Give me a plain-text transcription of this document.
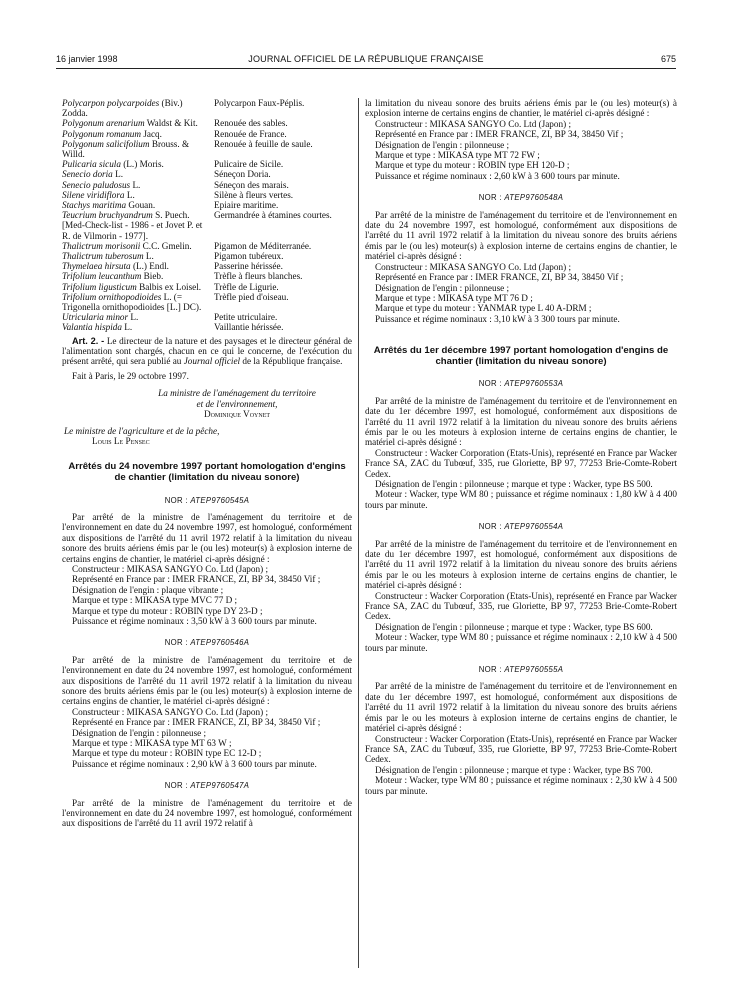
16 janvier 1998	JOURNAL OFFICIEL DE LA RÉPUBLIQUE FRANÇAISE	675
Polycarpon polycarpoides (Biv.) Zodda.	Polycarpon Faux-Péplis.
Polygonum arenarium Waldst & Kit.	Renouée des sables.
Polygonum romanum Jacq.	Renouée de France.
Polygonum salicifolium Brouss. & Willd.	Renouée à feuille de saule.
Pulicaria sicula (L.) Moris.	Pulicaire de Sicile.
Senecio doria L.	Séneçon Doria.
Senecio paludosus L.	Séneçon des marais.
Silene viridiflora L.	Silène à fleurs vertes.
Stachys maritima Gouan.	Epiaire maritime.
Teucrium bruchyandrum S. Puech. [Med-Check-list - 1986 - et Jovet P. et R. de Vilmorin - 1977].	Germandrée à étamines courtes.
Thalictrum morisonii C.C. Gmelin.	Pigamon de Méditerranée.
Thalictrum tuberosum L.	Pigamon tubéreux.
Thymelaea hirsuta (L.) Endl.	Passerine hérissée.
Trifolium leucanthum Bieb.	Trèfle à fleurs blanches.
Trifolium ligusticum Balbis ex Loisel.	Trèfle de Ligurie.
Trifolium ornithopodioides L. (= Trigonella ornithopodioides [L.] DC).	Trèfle pied d'oiseau.
Utricularia minor L.	Petite utriculaire.
Valantia hispida L.	Vaillantie hérissée.

Art. 2. - Le directeur de la nature et des paysages et le directeur général de l'alimentation sont chargés, chacun en ce qui le concerne, de l'exécution du présent arrêté, qui sera publié au Journal officiel de la République française.

Fait à Paris, le 29 octobre 1997.

La ministre de l'aménagement du territoire
et de l'environnement,
Dominique Voynet
Le ministre de l'agriculture et de la pêche,
Louis Le Pensec
Arrêtés du 24 novembre 1997 portant homologation d'engins de chantier (limitation du niveau sonore)
NOR : ATEP9760545A

Par arrêté de la ministre de l'aménagement du territoire et de l'environnement en date du 24 novembre 1997, est homologué, conformément aux dispositions de l'arrêté du 11 avril 1972 relatif à la limitation du niveau sonore des bruits aériens émis par le (ou les) moteur(s) à explosion interne de certains engins de chantier, le matériel ci-après désigné :

Constructeur : MIKASA SANGYO Co. Ltd (Japon) ;

Représenté en France par : IMER FRANCE, ZI, BP 34, 38450 Vif ;

Désignation de l'engin : plaque vibrante ;

Marque et type : MIKASA type MVC 77 D ;

Marque et type du moteur : ROBIN type DY 23-D ;

Puissance et régime nominaux : 3,50 kW à 3 600 tours par minute.

NOR : ATEP9760546A

Par arrêté de la ministre de l'aménagement du territoire et de l'environnement en date du 24 novembre 1997, est homologué, conformément aux dispositions de l'arrêté du 11 avril 1972 relatif à la limitation du niveau sonore des bruits aériens émis par le (ou les) moteur(s) à explosion interne de certains engins de chantier, le matériel ci-après désigné :

Constructeur : MIKASA SANGYO Co. Ltd (Japon) ;

Représenté en France par : IMER FRANCE, ZI, BP 34, 38450 Vif ;

Désignation de l'engin : pilonneuse ;

Marque et type : MIKASA type MT 63 W ;

Marque et type du moteur : ROBIN type EC 12-D ;

Puissance et régime nominaux : 2,90 kW à 3 600 tours par minute.

NOR : ATEP9760547A

Par arrêté de la ministre de l'aménagement du territoire et de l'environnement en date du 24 novembre 1997, est homologué, conformément aux dispositions de l'arrêté du 11 avril 1972 relatif à

la limitation du niveau sonore des bruits aériens émis par le (ou les) moteur(s) à explosion interne de certains engins de chantier, le matériel ci-après désigné :

Constructeur : MIKASA SANGYO Co. Ltd (Japon) ;

Représenté en France par : IMER FRANCE, ZI, BP 34, 38450 Vif ;

Désignation de l'engin : pilonneuse ;

Marque et type : MIKASA type MT 72 FW ;

Marque et type du moteur : ROBIN type EH 120-D ;

Puissance et régime nominaux : 2,60 kW à 3 600 tours par minute.

NOR : ATEP9760548A

Par arrêté de la ministre de l'aménagement du territoire et de l'environnement en date du 24 novembre 1997, est homologué, conformément aux dispositions de l'arrêté du 11 avril 1972 relatif à la limitation du niveau sonore des bruits aériens émis par le (ou les) moteur(s) à explosion interne de certains engins de chantier, le matériel ci-après désigné :

Constructeur : MIKASA SANGYO Co. Ltd (Japon) ;

Représenté en France par : IMER FRANCE, ZI, BP 34, 38450 Vif ;

Désignation de l'engin : pilonneuse ;

Marque et type : MIKASA type MT 76 D ;

Marque et type du moteur : YANMAR type L 40 A-DRM ;

Puissance et régime nominaux : 3,10 kW à 3 300 tours par minute.

Arrêtés du 1er décembre 1997 portant homologation d'engins de chantier (limitation du niveau sonore)
NOR : ATEP9760553A

Par arrêté de la ministre de l'aménagement du territoire et de l'environnement en date du 1er décembre 1997, est homologué, conformément aux dispositions de l'arrêté du 11 avril 1972 relatif à la limitation du niveau sonore des bruits aériens émis par le ou les moteurs à explosion interne de certains engins de chantier, le matériel ci-après désigné :

Constructeur : Wacker Corporation (Etats-Unis), représenté en France par Wacker France SA, ZAC du Tubœuf, 335, rue Gloriette, BP 97, 77253 Brie-Comte-Robert Cedex.

Désignation de l'engin : pilonneuse ; marque et type : Wacker, type BS 500.

Moteur : Wacker, type WM 80 ; puissance et régime nominaux : 1,80 kW à 4 400 tours par minute.

NOR : ATEP9760554A

Par arrêté de la ministre de l'aménagement du territoire et de l'environnement en date du 1er décembre 1997, est homologué, conformément aux dispositions de l'arrêté du 11 avril 1972 relatif à la limitation du niveau sonore des bruits aériens émis par le ou les moteurs à explosion interne de certains engins de chantier, le matériel ci-après désigné :

Constructeur : Wacker Corporation (Etats-Unis), représenté en France par Wacker France SA, ZAC du Tubœuf, 335, rue Gloriette, BP 97, 77253 Brie-Comte-Robert Cedex.

Désignation de l'engin : pilonneuse ; marque et type : Wacker, type BS 600.

Moteur : Wacker, type WM 80 ; puissance et régime nominaux : 2,10 kW à 4 500 tours par minute.

NOR : ATEP9760555A

Par arrêté de la ministre de l'aménagement du territoire et de l'environnement en date du 1er décembre 1997, est homologué, conformément aux dispositions de l'arrêté du 11 avril 1972 relatif à la limitation du niveau sonore des bruits aériens émis par le ou les moteurs à explosion interne de certains engins de chantier, le matériel ci-après désigné :

Constructeur : Wacker Corporation (Etats-Unis), représenté en France par Wacker France SA, ZAC du Tubœuf, 335, rue Gloriette, BP 97, 77253 Brie-Comte-Robert Cedex.

Désignation de l'engin : pilonneuse ; marque et type : Wacker, type BS 700.

Moteur : Wacker, type WM 80 ; puissance et régime nominaux : 2,30 kW à 4 500 tours par minute.
